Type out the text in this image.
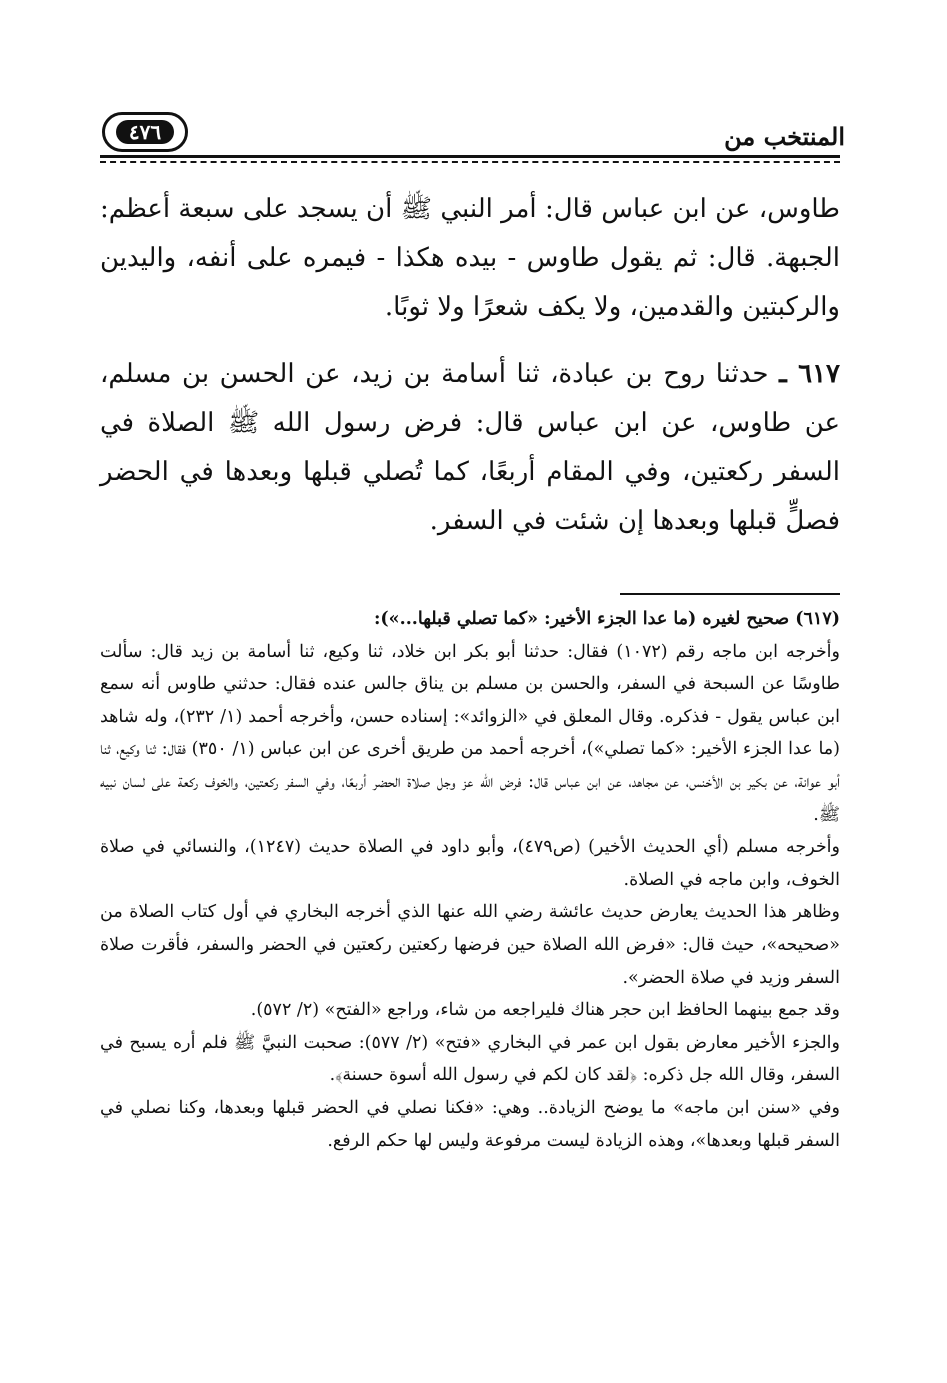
٤٧٦	المنتخب من

طاوس، عن ابن عباس قال: أمر النبي ﷺ أن يسجد على سبعة أعظم: الجبهة. قال: ثم يقول طاوس - بيده هكذا - فيمره على أنفه، واليدين والركبتين والقدمين، ولا يكف شعرًا ولا ثوبًا.

٦١٧ ـ حدثنا روح بن عبادة، ثنا أسامة بن زيد، عن الحسن بن مسلم، عن طاوس، عن ابن عباس قال: فرض رسول الله ﷺ الصلاة في السفر ركعتين، وفي المقام أربعًا، كما تُصلي قبلها وبعدها في الحضر فصلٍّ قبلها وبعدها إن شئت في السفر.

(٦١٧) صحيح لغيره (ما عدا الجزء الأخير: «كما تصلي قبلها...»):

وأخرجه ابن ماجه رقم (١٠٧٢) فقال: حدثنا أبو بكر ابن خلاد، ثنا وكيع، ثنا أسامة بن زيد قال: سألت طاوسًا عن السبحة في السفر، والحسن بن مسلم بن يناق جالس عنده فقال: حدثني طاوس أنه سمع ابن عباس يقول - فذكره. وقال المعلق في «الزوائد»: إسناده حسن، وأخرجه أحمد (١/ ٢٣٢)، وله شاهد (ما عدا الجزء الأخير: «كما تصلي»)، أخرجه أحمد من طريق أخرى عن ابن عباس (١/ ٣٥٠) فقال: ثنا وكيع، ثنا أبو عوانة، عن بكير بن الأخنس، عن مجاهد، عن ابن عباس قال: فرض الله عز وجل صلاة الحضر أربعًا، وفي السفر ركعتين، والخوف ركعة على لسان نبيه ﷺ.

وأخرجه مسلم (أي الحديث الأخير) (ص٤٧٩)، وأبو داود في الصلاة حديث (١٢٤٧)، والنسائي في صلاة الخوف، وابن ماجه في الصلاة.

وظاهر هذا الحديث يعارض حديث عائشة رضي الله عنها الذي أخرجه البخاري في أول كتاب الصلاة من «صحيحه»، حيث قال: «فرض الله الصلاة حين فرضها ركعتين ركعتين في الحضر والسفر، فأقرت صلاة السفر وزيد في صلاة الحضر».

وقد جمع بينهما الحافظ ابن حجر هناك فليراجعه من شاء، وراجع «الفتح» (٢/ ٥٧٢).

والجزء الأخير معارض بقول ابن عمر في البخاري «فتح» (٢/ ٥٧٧): صحبت النبيَّ ﷺ فلم أره يسبح في السفر، وقال الله جل ذكره: ﴿لقد كان لكم في رسول الله أسوة حسنة﴾.

وفي «سنن ابن ماجه» ما يوضح الزيادة.. وهي: «فكنا نصلي في الحضر قبلها وبعدها، وكنا نصلي في السفر قبلها وبعدها»، وهذه الزيادة ليست مرفوعة وليس لها حكم الرفع.
